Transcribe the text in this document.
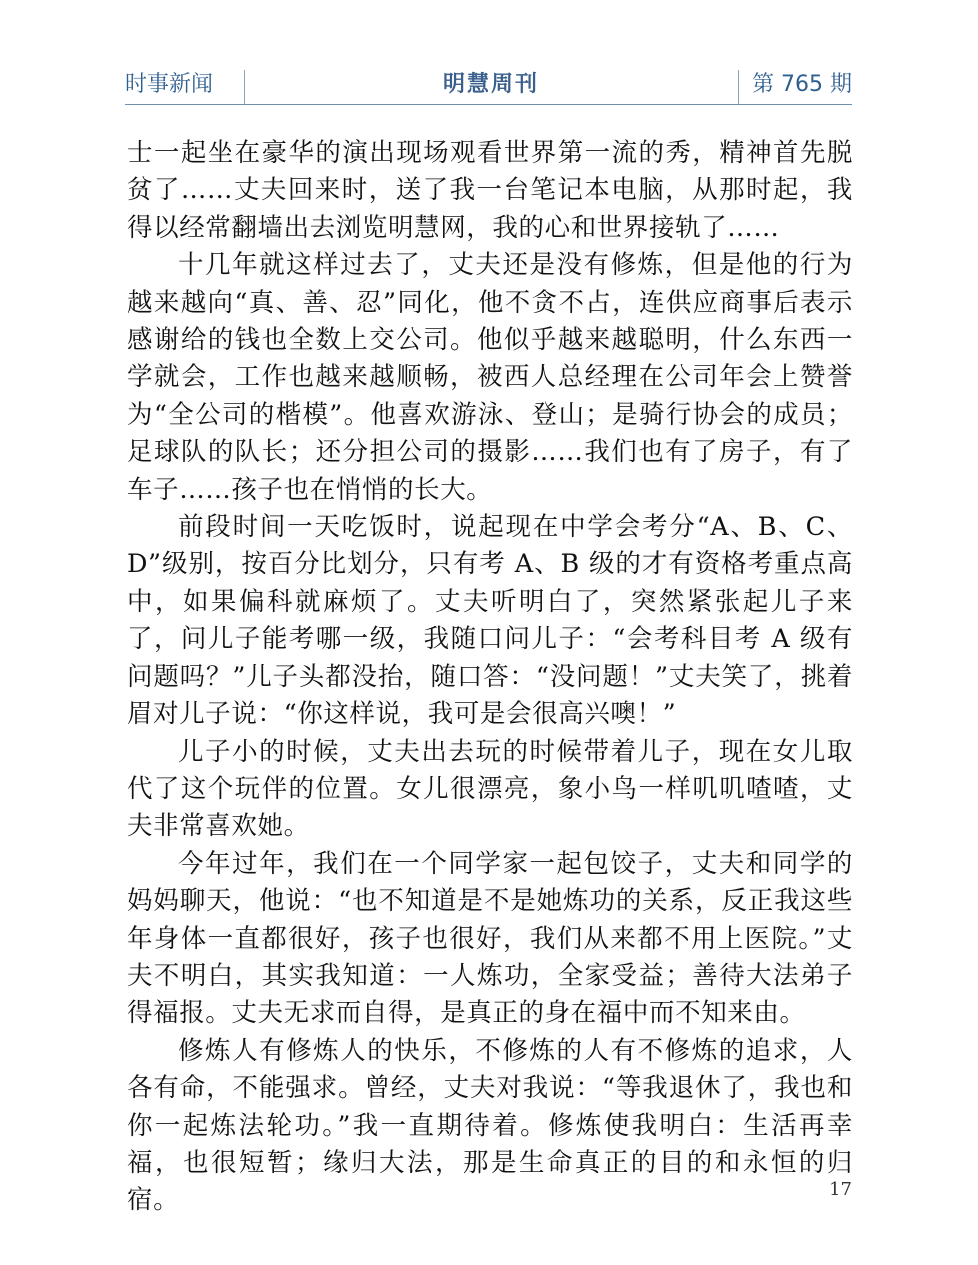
时事新闻	明慧周刊	第 765 期

士一起坐在豪华的演出现场观看世界第一流的秀，精神首先脱贫了……丈夫回来时，送了我一台笔记本电脑，从那时起，我得以经常翻墙出去浏览明慧网，我的心和世界接轨了……

十几年就这样过去了，丈夫还是没有修炼，但是他的行为越来越向“真、善、忍”同化，他不贪不占，连供应商事后表示感谢给的钱也全数上交公司。他似乎越来越聪明，什么东西一学就会，工作也越来越顺畅，被西人总经理在公司年会上赞誉为“全公司的楷模”。他喜欢游泳、登山；是骑行协会的成员；足球队的队长；还分担公司的摄影……我们也有了房子，有了车子……孩子也在悄悄的长大。

前段时间一天吃饭时，说起现在中学会考分“A、B、C、D”级别，按百分比划分，只有考 A、B 级的才有资格考重点高中，如果偏科就麻烦了。丈夫听明白了，突然紧张起儿子来了，问儿子能考哪一级，我随口问儿子：“会考科目考 A 级有问题吗？”儿子头都没抬，随口答：“没问题！”丈夫笑了，挑着眉对儿子说：“你这样说，我可是会很高兴噢！”

儿子小的时候，丈夫出去玩的时候带着儿子，现在女儿取代了这个玩伴的位置。女儿很漂亮，象小鸟一样叽叽喳喳，丈夫非常喜欢她。

今年过年，我们在一个同学家一起包饺子，丈夫和同学的妈妈聊天，他说：“也不知道是不是她炼功的关系，反正我这些年身体一直都很好，孩子也很好，我们从来都不用上医院。”丈夫不明白，其实我知道：一人炼功，全家受益；善待大法弟子得福报。丈夫无求而自得，是真正的身在福中而不知来由。

修炼人有修炼人的快乐，不修炼的人有不修炼的追求，人各有命，不能强求。曾经，丈夫对我说：“等我退休了，我也和你一起炼法轮功。”我一直期待着。修炼使我明白：生活再幸福，也很短暂；缘归大法，那是生命真正的目的和永恒的归宿。	17
